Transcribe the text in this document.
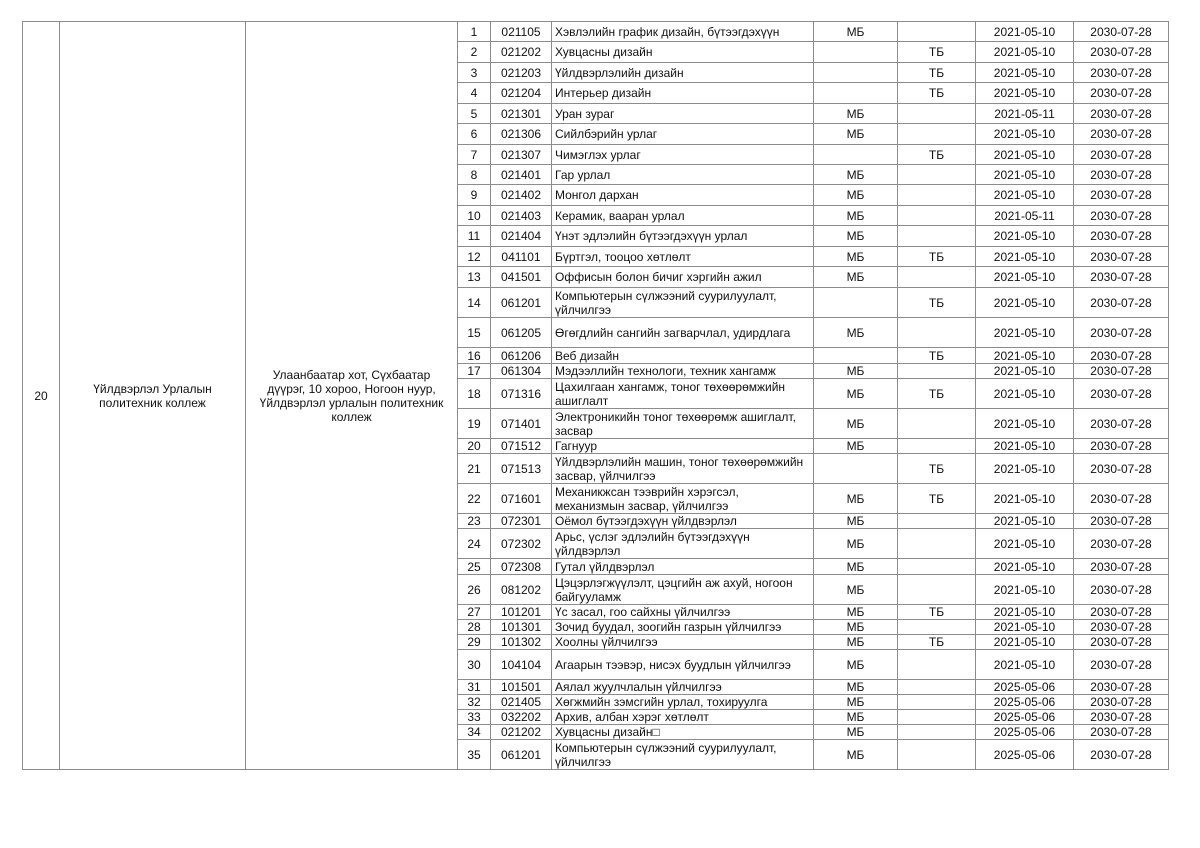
20	Үйлдвэрлэл Урлалын политехник коллеж	Улаанбаатар хот, Сүхбаатар дүүрэг, 10 хороо, Ногоон нуур, Үйлдвэрлэл урлалын политехник коллеж	1	021105	Хэвлэлийн график дизайн, бүтээгдэхүүн	МБ		2021-05-10	2030-07-28
			2	021202	Хувцасны дизайн		ТБ	2021-05-10	2030-07-28
			3	021203	Үйлдвэрлэлийн дизайн		ТБ	2021-05-10	2030-07-28
			4	021204	Интерьер дизайн		ТБ	2021-05-10	2030-07-28
			5	021301	Уран зураг	МБ		2021-05-11	2030-07-28
			6	021306	Сийлбэрийн урлаг	МБ		2021-05-10	2030-07-28
			7	021307	Чимэглэх урлаг		ТБ	2021-05-10	2030-07-28
			8	021401	Гар урлал	МБ		2021-05-10	2030-07-28
			9	021402	Монгол дархан	МБ		2021-05-10	2030-07-28
			10	021403	Керамик, вааран урлал	МБ		2021-05-11	2030-07-28
			11	021404	Үнэт эдлэлийн бүтээгдэхүүн урлал	МБ		2021-05-10	2030-07-28
			12	041101	Бүртгэл, тооцоо хөтлөлт	МБ	ТБ	2021-05-10	2030-07-28
			13	041501	Оффисын болон бичиг хэргийн ажил	МБ		2021-05-10	2030-07-28
			14	061201	Компьютерын сүлжээний суурилуулалт, үйлчилгээ		ТБ	2021-05-10	2030-07-28
			15	061205	Өгөгдлийн сангийн загварчлал, удирдлага	МБ		2021-05-10	2030-07-28
			16	061206	Веб дизайн		ТБ	2021-05-10	2030-07-28
			17	061304	Мэдээллийн технологи, техник хангамж	МБ		2021-05-10	2030-07-28
			18	071316	Цахилгаан хангамж, тоног төхөөрөмжийн ашиглалт	МБ	ТБ	2021-05-10	2030-07-28
			19	071401	Электроникийн тоног төхөөрөмж ашиглалт, засвар	МБ		2021-05-10	2030-07-28
			20	071512	Гагнуур	МБ		2021-05-10	2030-07-28
			21	071513	Үйлдвэрлэлийн машин, тоног төхөөрөмжийн засвар, үйлчилгээ		ТБ	2021-05-10	2030-07-28
			22	071601	Механикжсан тээврийн хэрэгсэл, механизмын засвар, үйлчилгээ	МБ	ТБ	2021-05-10	2030-07-28
			23	072301	Оёмол бүтээгдэхүүн үйлдвэрлэл	МБ		2021-05-10	2030-07-28
			24	072302	Арьс, үслэг эдлэлийн бүтээгдэхүүн үйлдвэрлэл	МБ		2021-05-10	2030-07-28
			25	072308	Гутал үйлдвэрлэл	МБ		2021-05-10	2030-07-28
			26	081202	Цэцэрлэгжүүлэлт, цэцгийн аж ахуй, ногоон байгууламж	МБ		2021-05-10	2030-07-28
			27	101201	Үс засал, гоо сайхны үйлчилгээ	МБ	ТБ	2021-05-10	2030-07-28
			28	101301	Зочид буудал, зоогийн газрын үйлчилгээ	МБ		2021-05-10	2030-07-28
			29	101302	Хоолны үйлчилгээ	МБ	ТБ	2021-05-10	2030-07-28
			30	104104	Агаарын тээвэр, нисэх буудлын үйлчилгээ	МБ		2021-05-10	2030-07-28
			31	101501	Аялал жуулчлалын үйлчилгээ	МБ		2025-05-06	2030-07-28
			32	021405	Хөгжмийн зэмсгийн урлал, тохируулга	МБ		2025-05-06	2030-07-28
			33	032202	Архив, албан хэрэг хөтлөлт	МБ		2025-05-06	2030-07-28
			34	021202	Хувцасны дизайн□	МБ		2025-05-06	2030-07-28
			35	061201	Компьютерын сүлжээний суурилуулалт, үйлчилгээ	МБ		2025-05-06	2030-07-28
